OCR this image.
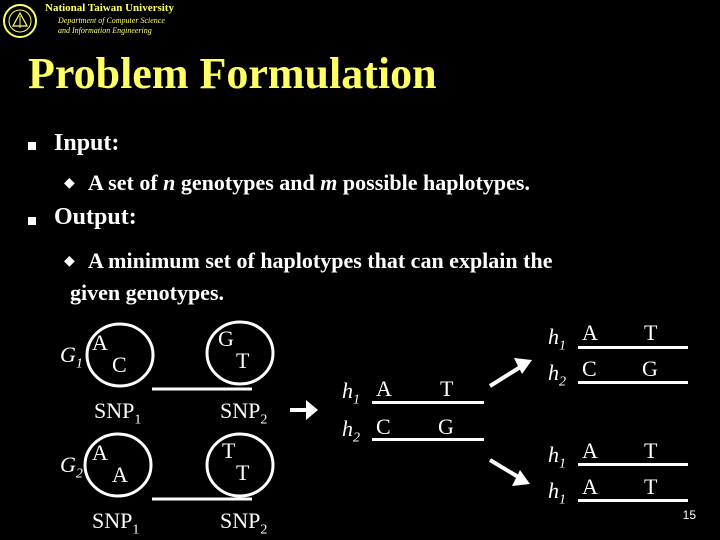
National Taiwan University
Department of Computer Science
and Information Engineering
Problem Formulation
Input:
◆ A set of n genotypes and m possible haplotypes.
Output:
◆ A minimum set of haplotypes that can explain the
given genotypes.
$G_1$
$G_2$
A
C
G
T
A
A
T
T
$SNP_1$	$SNP_2$
$SNP_1$	$SNP_2$
$h_1$ A T
$h_2$ C G
$h_1$
A T
$h_2$
C G
$h_1$
A T
$h_1$
A T
15
